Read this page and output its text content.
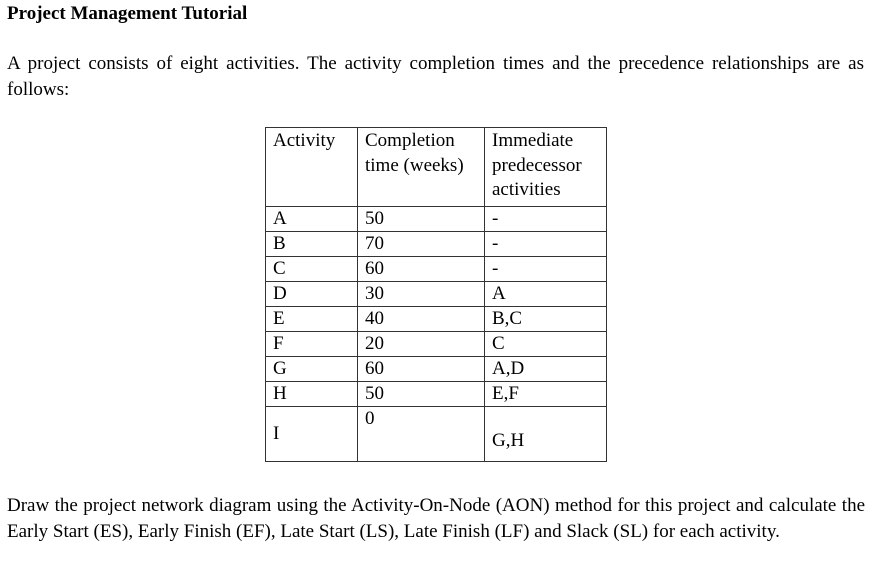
Project Management Tutorial
A project consists of eight activities. The activity completion times and the precedence relationships are as follows:
Activity	Completion time (weeks)	Immediate predecessor activities
A	50	-
B	70	-
C	60	-
D	30	A
E	40	B,C
F	20	C
G	60	A,D
H	50	E,F
I	0	G,H
Draw the project network diagram using the Activity-On-Node (AON) method for this project and calculate the Early Start (ES), Early Finish (EF), Late Start (LS), Late Finish (LF) and Slack (SL) for each activity.
